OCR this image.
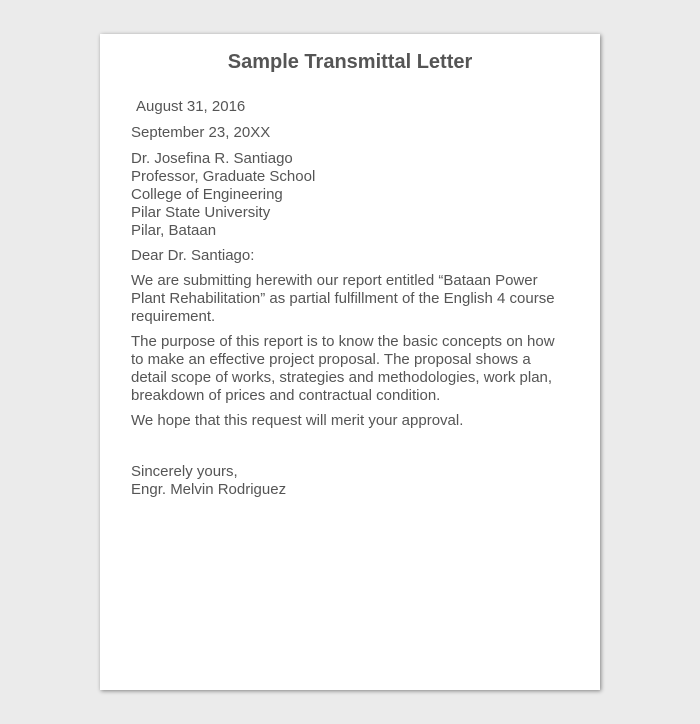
Sample Transmittal Letter
August 31, 2016
September 23, 20XX
Dr. Josefina R. Santiago
Professor, Graduate School
College of Engineering
Pilar State University
Pilar, Bataan
Dear Dr. Santiago:
We are submitting herewith our report entitled “Bataan Power
Plant Rehabilitation” as partial fulfillment of the English 4 course
requirement.
The purpose of this report is to know the basic concepts on how
to make an effective project proposal. The proposal shows a
detail scope of works, strategies and methodologies, work plan,
breakdown of prices and contractual condition.
We hope that this request will merit your approval.
Sincerely yours,
Engr. Melvin Rodriguez
